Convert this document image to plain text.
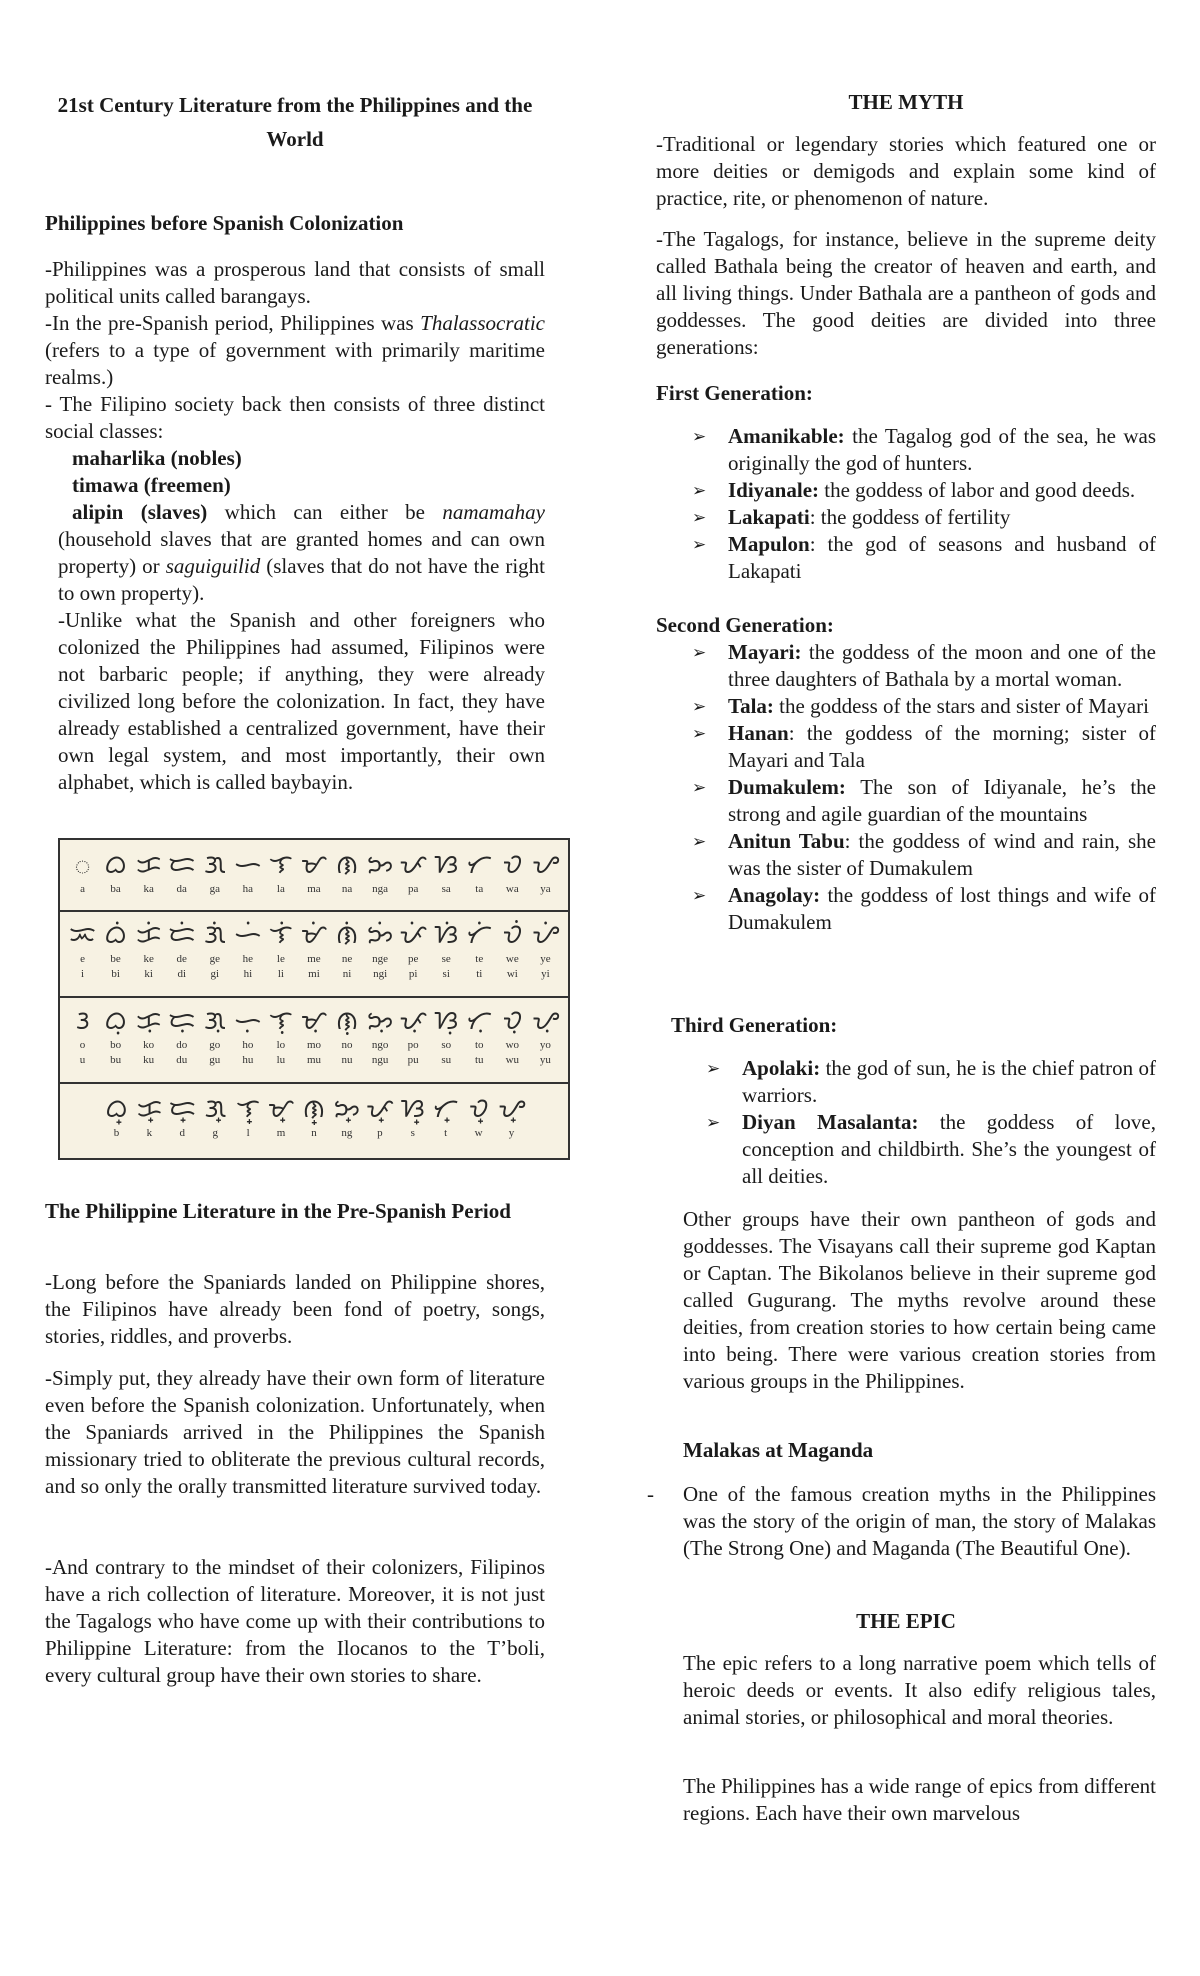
21st Century Literature from the Philippines and the World

Philippines before Spanish Colonization

-Philippines was a prosperous land that consists of small political units called barangays.

-In the pre-Spanish period, Philippines was Thalassocratic (refers to a type of government with primarily maritime realms.)

- The Filipino society back then consists of three distinct social classes:

maharlika (nobles)

timawa (freemen)

alipin (slaves) which can either be namamahay (household slaves that are granted homes and can own property) or saguiguilid (slaves that do not have the right to own property).

-Unlike what the Spanish and other foreigners who colonized the Philippines had assumed, Filipinos were not barbaric people; if anything, they were already civilized long before the colonization. In fact, they have already established a centralized government, have their own legal system, and most importantly, their own alphabet, which is called baybayin.

ᜀ ᜊ ᜃ ᜇ ᜄ ᜑ ᜎ ᜋ ᜈ ᜅ ᜉ ᜐ ᜆ ᜏ ᜌ
a	ba	ka	da	ga	ha	la	ma	na	nga	pa	sa	ta	wa	ya
ᜁ ᜊᜒ ᜃᜒ ᜇᜒ ᜄᜒ ᜑᜒ ᜎᜒ ᜋᜒ ᜈᜒ ᜅᜒ ᜉᜒ ᜐᜒ ᜆᜒ ᜏᜒ ᜌᜒ
e	be	ke	de	ge	he	le	me	ne	nge	pe	se	te	we	ye
i	bi	ki	di	gi	hi	li	mi	ni	ngi	pi	si	ti	wi	yi
ᜂ ᜊᜓ ᜃᜓ ᜇᜓ ᜄᜓ ᜑᜓ ᜎᜓ ᜋᜓ ᜈᜓ ᜅᜓ ᜉᜓ ᜐᜓ ᜆᜓ ᜏᜓ ᜌᜓ
o	bo	ko	do	go	ho	lo	mo	no	ngo	po	so	to	wo	yo
u	bu	ku	du	gu	hu	lu	mu	nu	ngu	pu	su	tu	wu	yu
ᜊ᜔ ᜃ᜔ ᜇ᜔ ᜄ᜔ ᜎ᜔ ᜋ᜔ ᜈ᜔ ᜅ᜔ ᜉ᜔ ᜐ᜔ ᜆ᜔ ᜏ᜔ ᜌ᜔
b	k	d	g	l	m	n	ng	p	s	t	w	y

The Philippine Literature in the Pre-Spanish Period

-Long before the Spaniards landed on Philippine shores, the Filipinos have already been fond of poetry, songs, stories, riddles, and proverbs.

-Simply put, they already have their own form of literature even before the Spanish colonization. Unfortunately, when the Spaniards arrived in the Philippines the Spanish missionary tried to obliterate the previous cultural records, and so only the orally transmitted literature survived today.

-And contrary to the mindset of their colonizers, Filipinos have a rich collection of literature. Moreover, it is not just the Tagalogs who have come up with their contributions to Philippine Literature: from the Ilocanos to the T’boli, every cultural group have their own stories to share.

THE MYTH

-Traditional or legendary stories which featured one or more deities or demigods and explain some kind of practice, rite, or phenomenon of nature.

-The Tagalogs, for instance, believe in the supreme deity called Bathala being the creator of heaven and earth, and all living things. Under Bathala are a pantheon of gods and goddesses. The good deities are divided into three generations:

First Generation:

➢ Amanikable: the Tagalog god of the sea, he was originally the god of hunters.
➢ Idiyanale: the goddess of labor and good deeds.
➢ Lakapati: the goddess of fertility
➢ Mapulon: the god of seasons and husband of Lakapati

Second Generation:

➢ Mayari: the goddess of the moon and one of the three daughters of Bathala by a mortal woman.
➢ Tala: the goddess of the stars and sister of Mayari
➢ Hanan: the goddess of the morning; sister of Mayari and Tala
➢ Dumakulem: The son of Idiyanale, he’s the strong and agile guardian of the mountains
➢ Anitun Tabu: the goddess of wind and rain, she was the sister of Dumakulem
➢ Anagolay: the goddess of lost things and wife of Dumakulem

Third Generation:

➢ Apolaki: the god of sun, he is the chief patron of warriors.
➢ Diyan Masalanta: the goddess of love, conception and childbirth. She’s the youngest of all deities.

Other groups have their own pantheon of gods and goddesses. The Visayans call their supreme god Kaptan or Captan. The Bikolanos believe in their supreme god called Gugurang. The myths revolve around these deities, from creation stories to how certain being came into being. There were various creation stories from various groups in the Philippines.

Malakas at Maganda

- One of the famous creation myths in the Philippines was the story of the origin of man, the story of Malakas (The Strong One) and Maganda (The Beautiful One).

THE EPIC

The epic refers to a long narrative poem which tells of heroic deeds or events. It also edify religious tales, animal stories, or philosophical and moral theories.

The Philippines has a wide range of epics from different regions. Each have their own marvelous
